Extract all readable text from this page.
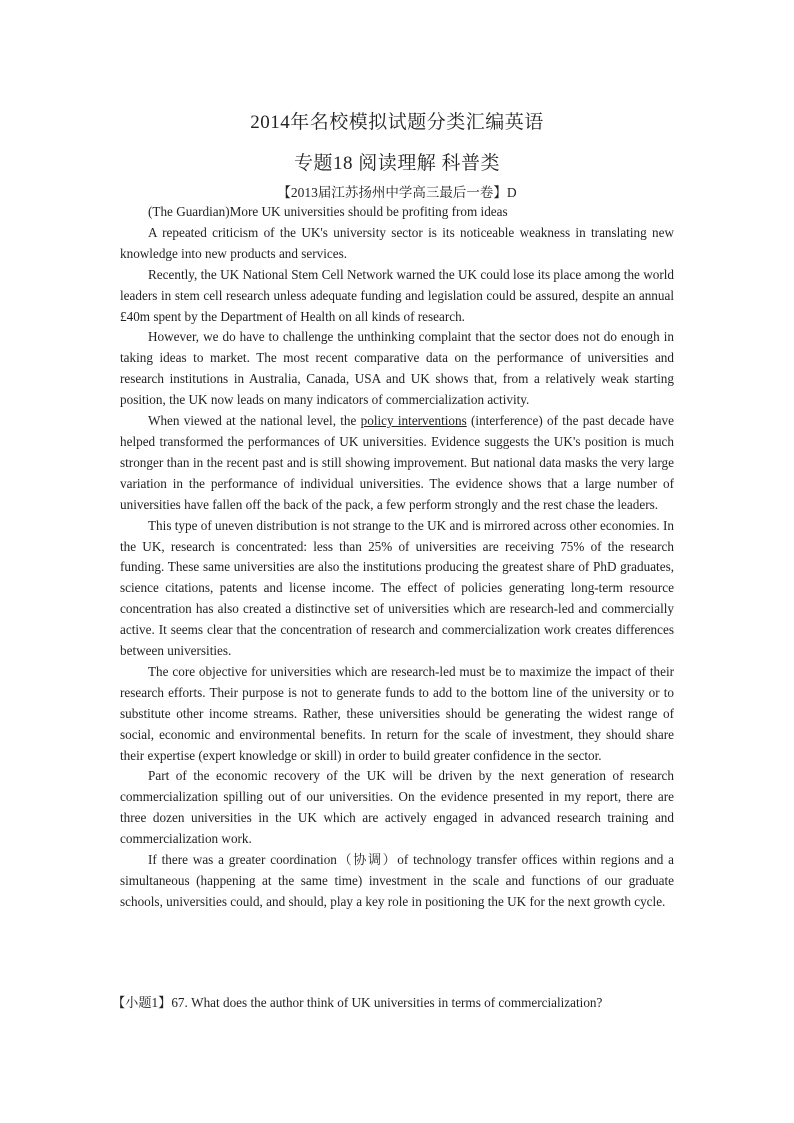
2014年名校模拟试题分类汇编英语
专题18 阅读理解 科普类
【2013届江苏扬州中学高三最后一卷】D

(The Guardian)More UK universities should be profiting from ideas

A repeated criticism of the UK's university sector is its noticeable weakness in translating new knowledge into new products and services.

Recently, the UK National Stem Cell Network warned the UK could lose its place among the world leaders in stem cell research unless adequate funding and legislation could be assured, despite an annual £40m spent by the Department of Health on all kinds of research.

However, we do have to challenge the unthinking complaint that the sector does not do enough in taking ideas to market. The most recent comparative data on the performance of universities and research institutions in Australia, Canada, USA and UK shows that, from a relatively weak starting position, the UK now leads on many indicators of commercialization activity.

When viewed at the national level, the policy interventions (interference) of the past decade have helped transformed the performances of UK universities. Evidence suggests the UK's position is much stronger than in the recent past and is still showing improvement. But national data masks the very large variation in the performance of individual universities. The evidence shows that a large number of universities have fallen off the back of the pack, a few perform strongly and the rest chase the leaders.

This type of uneven distribution is not strange to the UK and is mirrored across other economies. In the UK, research is concentrated: less than 25% of universities are receiving 75% of the research funding. These same universities are also the institutions producing the greatest share of PhD graduates, science citations, patents and license income. The effect of policies generating long-term resource concentration has also created a distinctive set of universities which are research-led and commercially active. It seems clear that the concentration of research and commercialization work creates differences between universities.

The core objective for universities which are research-led must be to maximize the impact of their research efforts. Their purpose is not to generate funds to add to the bottom line of the university or to substitute other income streams. Rather, these universities should be generating the widest range of social, economic and environmental benefits. In return for the scale of investment, they should share their expertise (expert knowledge or skill) in order to build greater confidence in the sector.

Part of the economic recovery of the UK will be driven by the next generation of research commercialization spilling out of our universities. On the evidence presented in my report, there are three dozen universities in the UK which are actively engaged in advanced research training and commercialization work.

If there was a greater coordination（协调）of technology transfer offices within regions and a simultaneous (happening at the same time) investment in the scale and functions of our graduate schools, universities could, and should, play a key role in positioning the UK for the next growth cycle.

【小题1】67. What does the author think of UK universities in terms of commercialization?
